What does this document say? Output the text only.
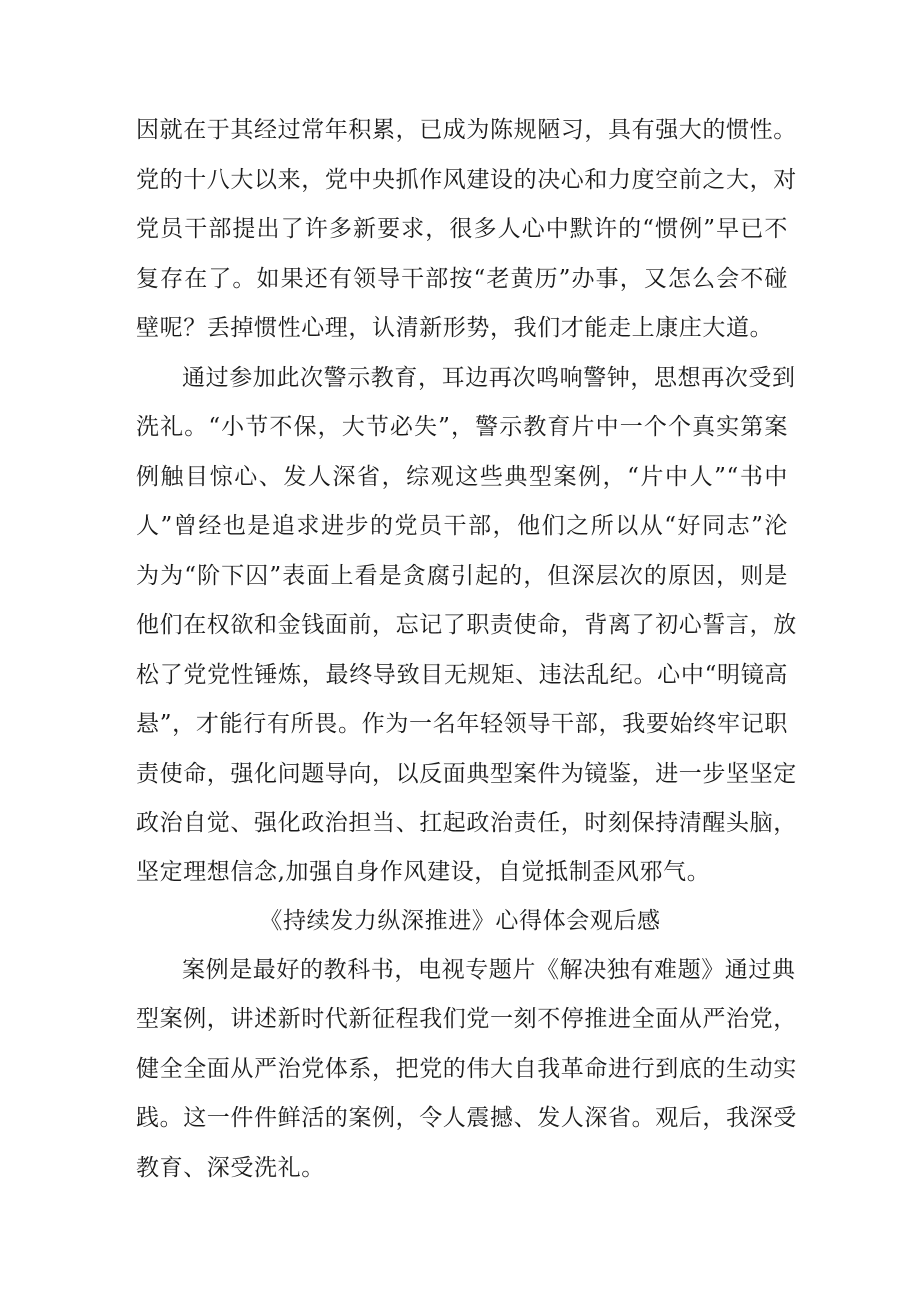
因就在于其经过常年积累，已成为陈规陋习，具有强大的惯性。
党的十八大以来，党中央抓作风建设的决心和力度空前之大，对
党员干部提出了许多新要求，很多人心中默许的“惯例”早已不
复存在了。如果还有领导干部按“老黄历”办事，又怎么会不碰
壁呢？丢掉惯性心理，认清新形势，我们才能走上康庄大道。
通过参加此次警示教育，耳边再次鸣响警钟，思想再次受到
洗礼。“小节不保，大节必失”，警示教育片中一个个真实第案
例触目惊心、发人深省，综观这些典型案例，“片中人”“书中
人”曾经也是追求进步的党员干部，他们之所以从“好同志”沦
为为“阶下囚”表面上看是贪腐引起的，但深层次的原因，则是
他们在权欲和金钱面前，忘记了职责使命，背离了初心誓言，放
松了党党性锤炼，最终导致目无规矩、违法乱纪。心中“明镜高
悬”，才能行有所畏。作为一名年轻领导干部，我要始终牢记职
责使命，强化问题导向，以反面典型案件为镜鉴，进一步坚坚定
政治自觉、强化政治担当、扛起政治责任，时刻保持清醒头脑，
坚定理想信念,加强自身作风建设，自觉抵制歪风邪气。
《持续发力纵深推进》心得体会观后感
案例是最好的教科书，电视专题片《解决独有难题》通过典
型案例，讲述新时代新征程我们党一刻不停推进全面从严治党，
健全全面从严治党体系，把党的伟大自我革命进行到底的生动实
践。这一件件鲜活的案例，令人震撼、发人深省。观后，我深受
教育、深受洗礼。
